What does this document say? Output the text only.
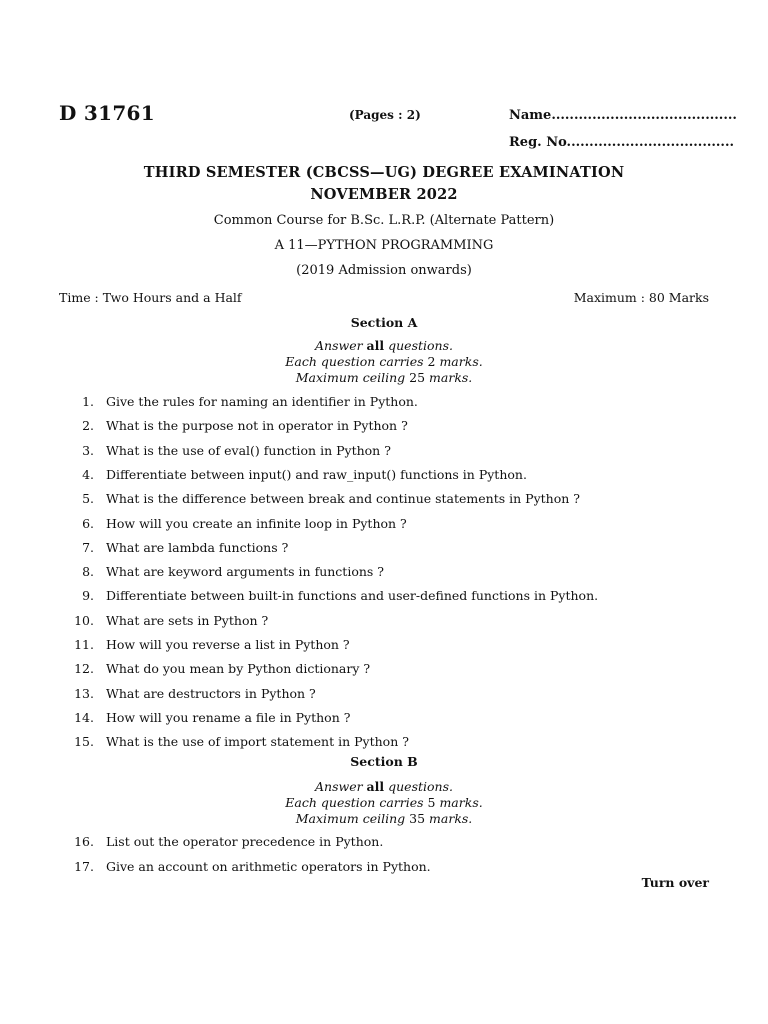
D 31761	(Pages : 2)	Name.........................................
Reg. No.....................................
THIRD SEMESTER (CBCSS—UG) DEGREE EXAMINATION
NOVEMBER 2022
Common Course for B.Sc. L.R.P. (Alternate Pattern)
A 11—PYTHON PROGRAMMING
(2019 Admission onwards)
Time : Two Hours and a Half	Maximum : 80 Marks
Section A
Answer all questions.
Each question carries 2 marks.
Maximum ceiling 25 marks.
1. Give the rules for naming an identifier in Python.
2. What is the purpose not in operator in Python ?
3. What is the use of eval() function in Python ?
4. Differentiate between input() and raw_input() functions in Python.
5. What is the difference between break and continue statements in Python ?
6. How will you create an infinite loop in Python ?
7. What are lambda functions ?
8. What are keyword arguments in functions ?
9. Differentiate between built-in functions and user-defined functions in Python.
10. What are sets in Python ?
11. How will you reverse a list in Python ?
12. What do you mean by Python dictionary ?
13. What are destructors in Python ?
14. How will you rename a file in Python ?
15. What is the use of import statement in Python ?
Section B
Answer all questions.
Each question carries 5 marks.
Maximum ceiling 35 marks.
16. List out the operator precedence in Python.
17. Give an account on arithmetic operators in Python.
Turn over
